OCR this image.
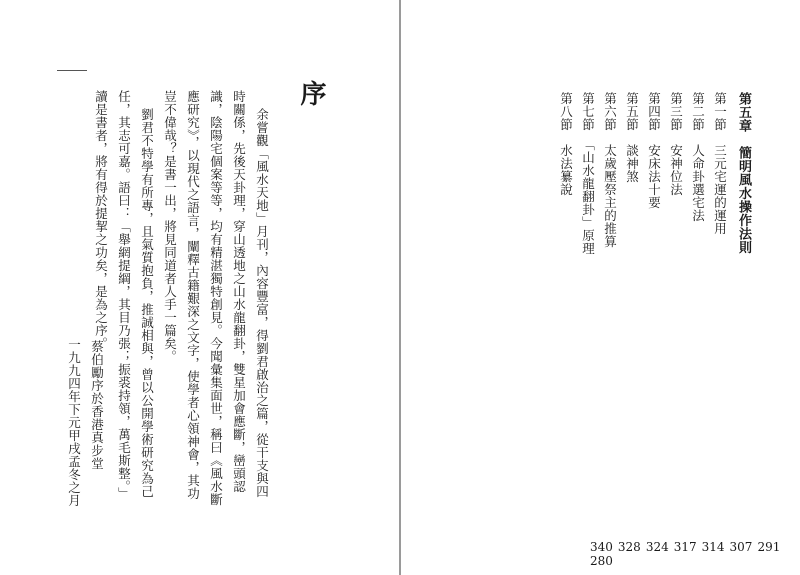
序
余嘗觀「風水天地」月刊，內容豐富，得劉君啟治之篇，從干支與四
時關係，先後天卦理，穿山透地之山水龍翻卦，雙星加會應斷，巒頭認
識，陰陽宅個案等等，均有精湛獨特創見。今聞彙集面世，稱曰《風水斷
應研究》，以現代之語言，闡釋古籍艱深之文字，使學者心領神會，其功
豈不偉哉？是書一出，將見同道者人手一篇矣。
劉君不特學有所專，且氣質抱負，推誠相與，曾以公開學術研究為己
任，其志可嘉。語曰：「舉網提綱，其目乃張；振裘持領，萬毛斯整。」
讀是書者，將有得於提挈之功矣，是為之序。
蔡伯勵序於香港真步堂
一九九四年下元甲戌孟冬之月
第五章　簡明風水操作法則
第一節　三元宅運的運用
第二節　人命卦選宅法
第三節　安神位法
第四節　安床法十要
第五節　談神煞
第六節　太歲壓祭主的推算
第七節　「山水龍翻卦」原理
第八節　水法纂說
340 328 324 317 314 307 291280
